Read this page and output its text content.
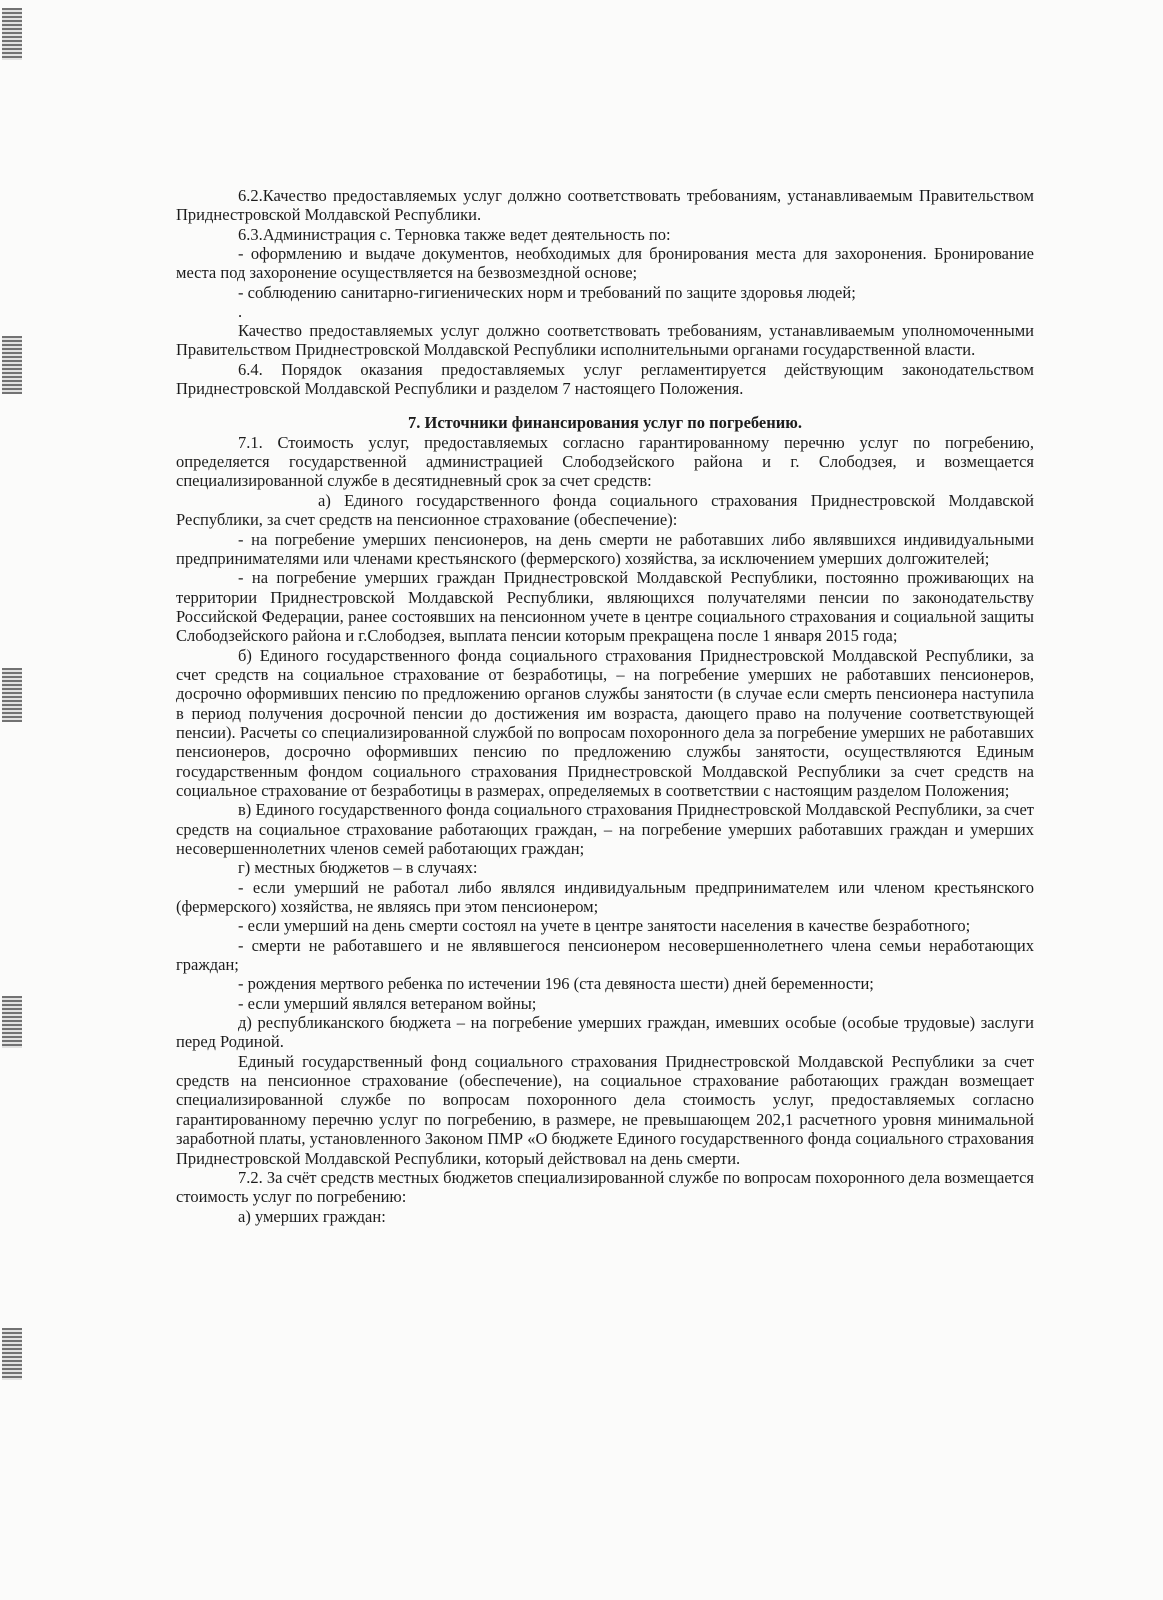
6.2.Качество предоставляемых услуг должно соответствовать требованиям, устанавливаемым Правительством Приднестровской Молдавской Республики.

6.3.Администрация с. Терновка также ведет деятельность по:

- оформлению и выдаче документов, необходимых для бронирования места для захоронения. Бронирование места под захоронение осуществляется на безвозмездной основе;

- соблюдению санитарно-гигиенических норм и требований по защите здоровья людей;

.

Качество предоставляемых услуг должно соответствовать требованиям, устанавливаемым уполномоченными Правительством Приднестровской Молдавской Республики исполнительными органами государственной власти.

6.4. Порядок оказания предоставляемых услуг регламентируется действующим законодательством Приднестровской Молдавской Республики и разделом 7 настоящего Положения.

7. Источники финансирования услуг по погребению.

7.1. Стоимость услуг, предоставляемых согласно гарантированному перечню услуг по погребению, определяется государственной администрацией Слободзейского района и г. Слободзея, и возмещается специализированной службе в десятидневный срок за счет средств:

а) Единого государственного фонда социального страхования Приднестровской Молдавской Республики, за счет средств на пенсионное страхование (обеспечение):

- на погребение умерших пенсионеров, на день смерти не работавших либо являвшихся индивидуальными предпринимателями или членами крестьянского (фермерского) хозяйства, за исключением умерших долгожителей;

- на погребение умерших граждан Приднестровской Молдавской Республики, постоянно проживающих на территории Приднестровской Молдавской Республики, являющихся получателями пенсии по законодательству Российской Федерации, ранее состоявших на пенсионном учете в центре социального страхования и социальной защиты Слободзейского района и г.Слободзея, выплата пенсии которым прекращена после 1 января 2015 года;

б) Единого государственного фонда социального страхования Приднестровской Молдавской Республики, за счет средств на социальное страхование от безработицы, – на погребение умерших не работавших пенсионеров, досрочно оформивших пенсию по предложению органов службы занятости (в случае если смерть пенсионера наступила в период получения досрочной пенсии до достижения им возраста, дающего право на получение соответствующей пенсии). Расчеты со специализированной службой по вопросам похоронного дела за погребение умерших не работавших пенсионеров, досрочно оформивших пенсию по предложению службы занятости, осуществляются Единым государственным фондом социального страхования Приднестровской Молдавской Республики за счет средств на социальное страхование от безработицы в размерах, определяемых в соответствии с настоящим разделом Положения;

в) Единого государственного фонда социального страхования Приднестровской Молдавской Республики, за счет средств на социальное страхование работающих граждан, – на погребение умерших работавших граждан и умерших несовершеннолетних членов семей работающих граждан;

г) местных бюджетов – в случаях:

- если умерший не работал либо являлся индивидуальным предпринимателем или членом крестьянского (фермерского) хозяйства, не являясь при этом пенсионером;

- если умерший на день смерти состоял на учете в центре занятости населения в качестве безработного;

- смерти не работавшего и не являвшегося пенсионером несовершеннолетнего члена семьи неработающих граждан;

- рождения мертвого ребенка по истечении 196 (ста девяноста шести) дней беременности;

- если умерший являлся ветераном войны;

д) республиканского бюджета – на погребение умерших граждан, имевших особые (особые трудовые) заслуги перед Родиной.

Единый государственный фонд социального страхования Приднестровской Молдавской Республики за счет средств на пенсионное страхование (обеспечение), на социальное страхование работающих граждан возмещает специализированной службе по вопросам похоронного дела стоимость услуг, предоставляемых согласно гарантированному перечню услуг по погребению, в размере, не превышающем 202,1 расчетного уровня минимальной заработной платы, установленного Законом ПМР «О бюджете Единого государственного фонда социального страхования Приднестровской Молдавской Республики, который действовал на день смерти.

7.2. За счёт средств местных бюджетов специализированной службе по вопросам похоронного дела возмещается стоимость услуг по погребению:

а) умерших граждан:
